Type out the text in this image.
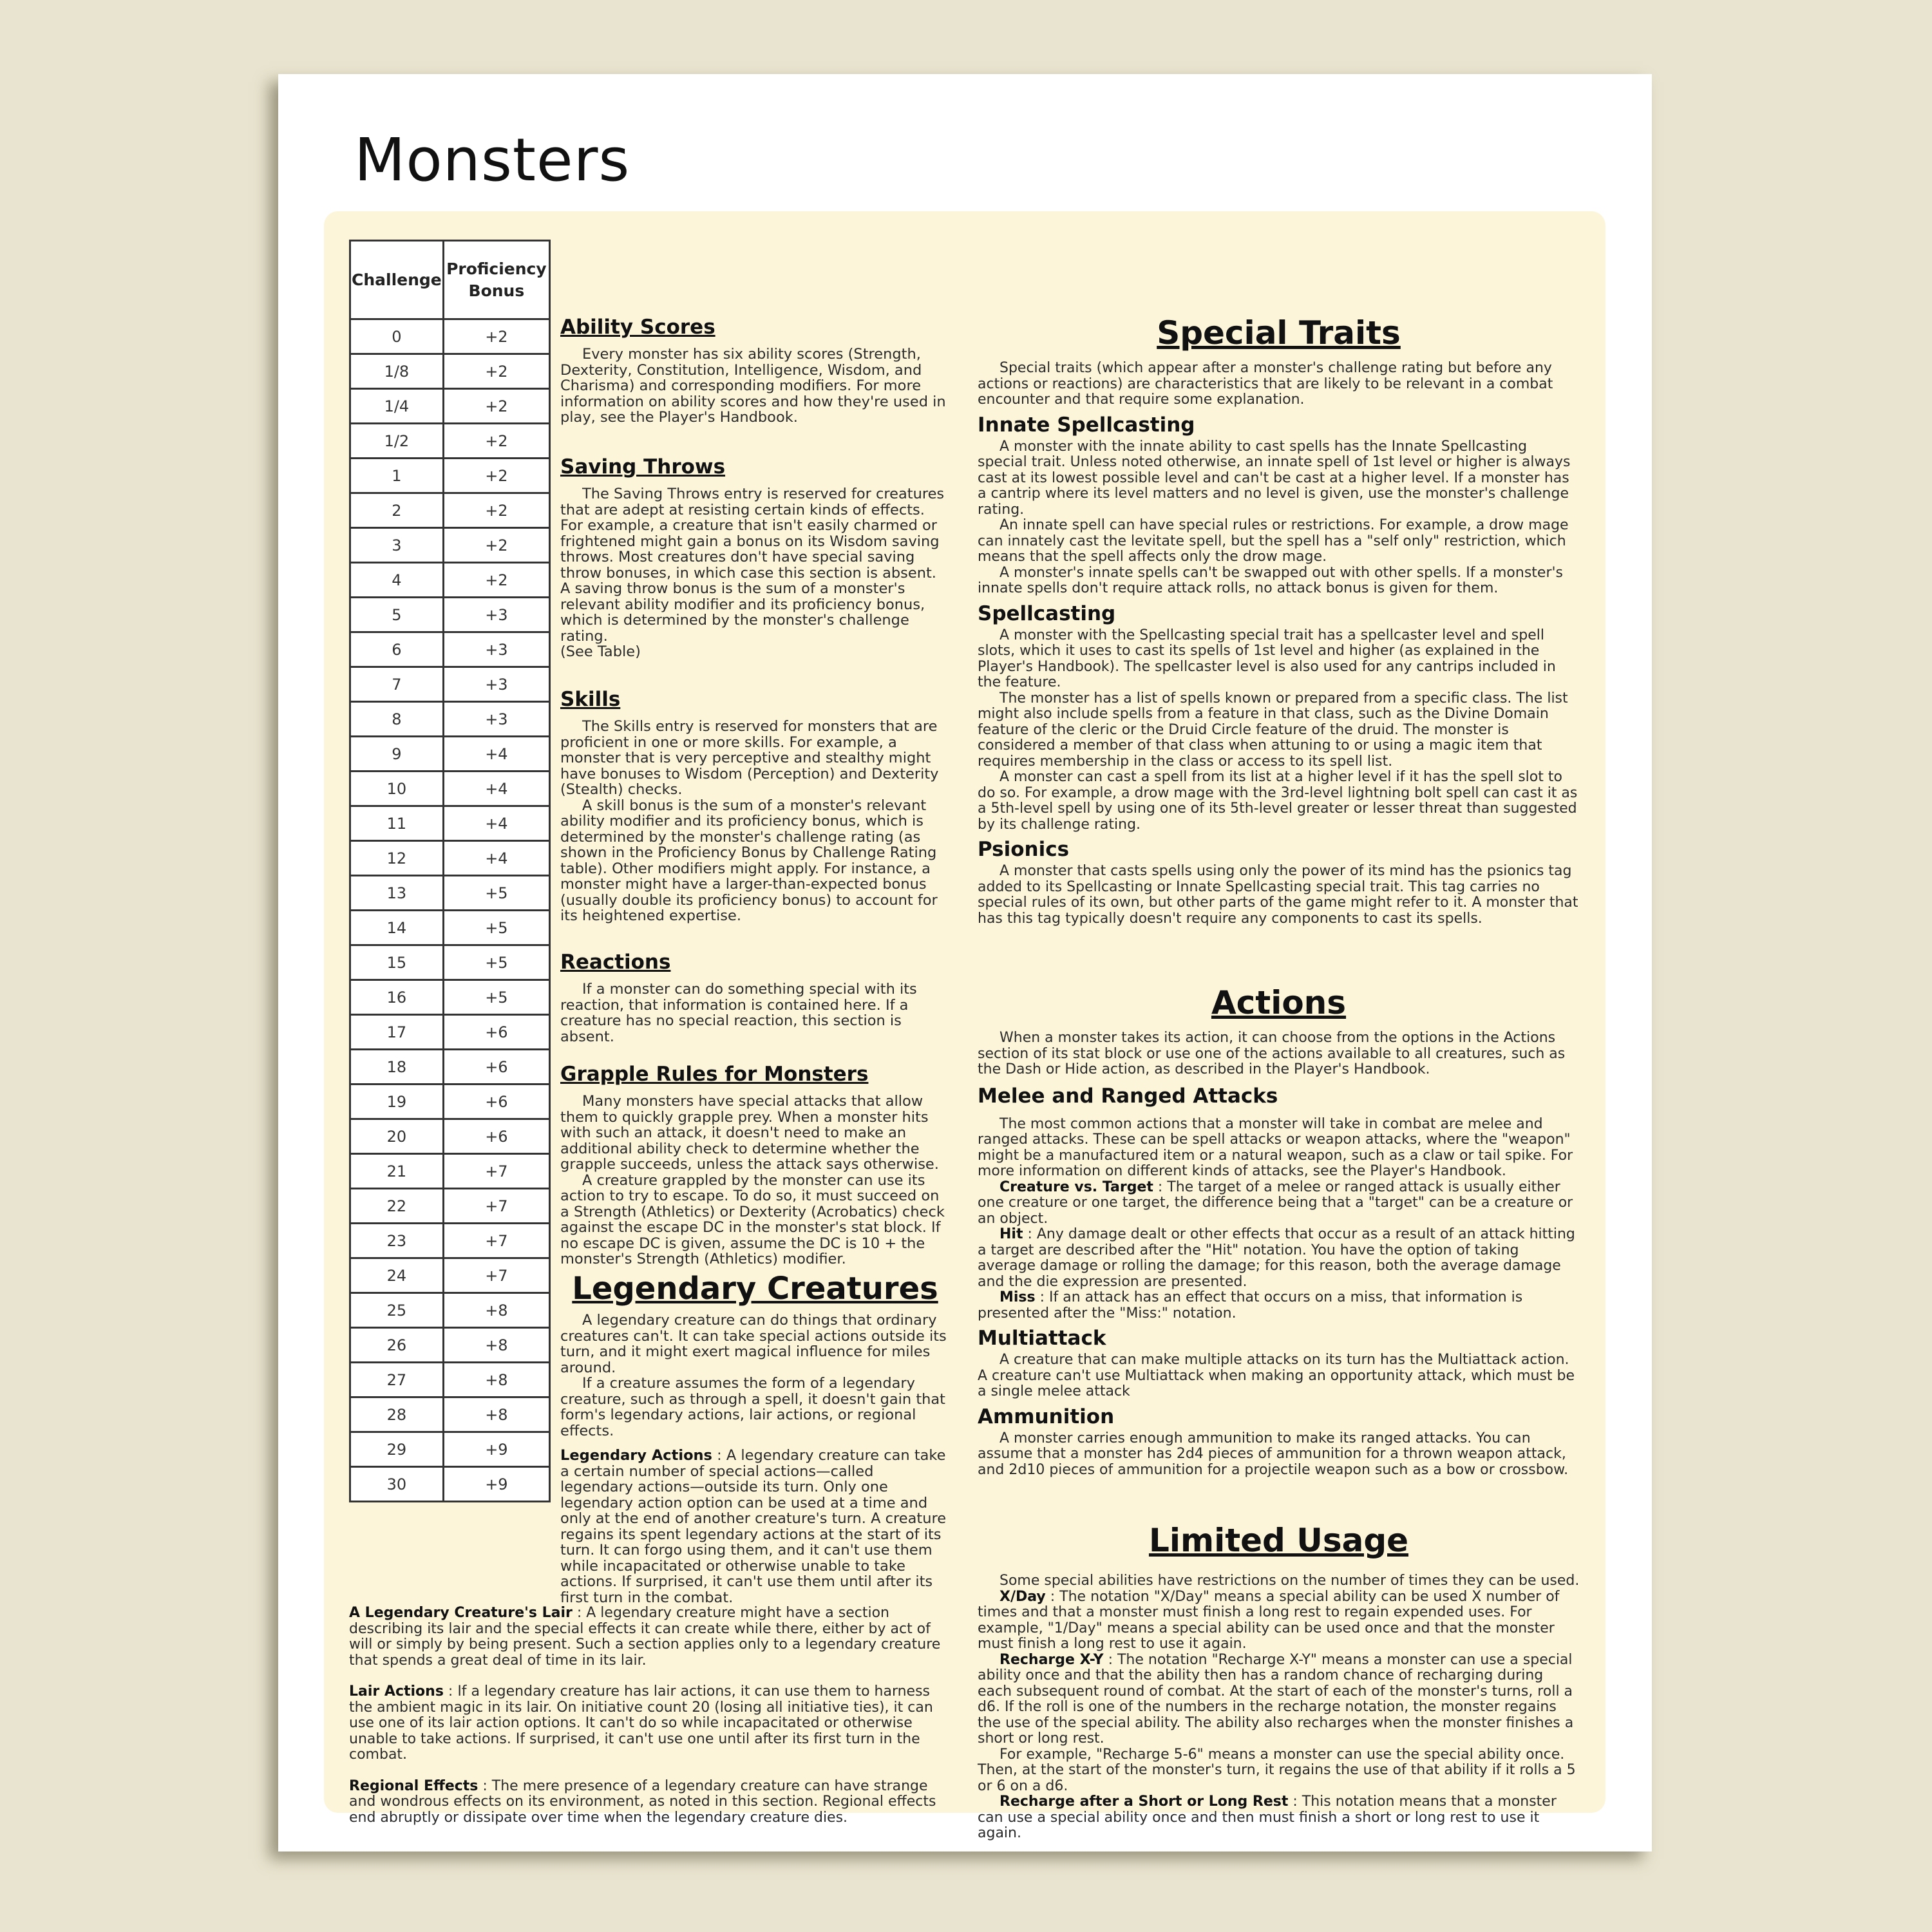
Monsters
Challenge	Proficiency Bonus
0	+2
1/8	+2
1/4	+2
1/2	+2
1	+2
2	+2
3	+2
4	+2
5	+3
6	+3
7	+3
8	+3
9	+4
10	+4
11	+4
12	+4
13	+5
14	+5
15	+5
16	+5
17	+6
18	+6
19	+6
20	+6
21	+7
22	+7
23	+7
24	+7
25	+8
26	+8
27	+8
28	+8
29	+9
30	+9
Ability Scores

Every monster has six ability scores (Strength, Dexterity, Constitution, Intelligence, Wisdom, and Charisma) and corresponding modifiers. For more information on ability scores and how they're used in play, see the Player's Handbook.

Saving Throws

The Saving Throws entry is reserved for creatures that are adept at resisting certain kinds of effects. For example, a creature that isn't easily charmed or frightened might gain a bonus on its Wisdom saving throws. Most creatures don't have special saving throw bonuses, in which case this section is absent.

A saving throw bonus is the sum of a monster's relevant ability modifier and its proficiency bonus, which is determined by the monster's challenge rating.

(See Table)

Skills

The Skills entry is reserved for monsters that are proficient in one or more skills. For example, a monster that is very perceptive and stealthy might have bonuses to Wisdom (Perception) and Dexterity (Stealth) checks.

A skill bonus is the sum of a monster's relevant ability modifier and its proficiency bonus, which is determined by the monster's challenge rating (as shown in the Proficiency Bonus by Challenge Rating table). Other modifiers might apply. For instance, a monster might have a larger-than-expected bonus (usually double its proficiency bonus) to account for its heightened expertise.

Reactions

If a monster can do something special with its reaction, that information is contained here. If a creature has no special reaction, this section is absent.

Grapple Rules for Monsters

Many monsters have special attacks that allow them to quickly grapple prey. When a monster hits with such an attack, it doesn't need to make an additional ability check to determine whether the grapple succeeds, unless the attack says otherwise.

A creature grappled by the monster can use its action to try to escape. To do so, it must succeed on a Strength (Athletics) or Dexterity (Acrobatics) check against the escape DC in the monster's stat block. If no escape DC is given, assume the DC is 10 + the monster's Strength (Athletics) modifier.

Legendary Creatures

A legendary creature can do things that ordinary creatures can't. It can take special actions outside its turn, and it might exert magical influence for miles around.

If a creature assumes the form of a legendary creature, such as through a spell, it doesn't gain that form's legendary actions, lair actions, or regional effects.

Legendary Actions : A legendary creature can take a certain number of special actions—called legendary actions—outside its turn. Only one legendary action option can be used at a time and only at the end of another creature's turn. A creature regains its spent legendary actions at the start of its turn. It can forgo using them, and it can't use them while incapacitated or otherwise unable to take actions. If surprised, it can't use them until after its first turn in the combat.

A Legendary Creature's Lair : A legendary creature might have a section describing its lair and the special effects it can create while there, either by act of will or simply by being present. Such a section applies only to a legendary creature that spends a great deal of time in its lair.

Lair Actions : If a legendary creature has lair actions, it can use them to harness the ambient magic in its lair. On initiative count 20 (losing all initiative ties), it can use one of its lair action options. It can't do so while incapacitated or otherwise unable to take actions. If surprised, it can't use one until after its first turn in the combat.

Regional Effects : The mere presence of a legendary creature can have strange and wondrous effects on its environment, as noted in this section. Regional effects end abruptly or dissipate over time when the legendary creature dies.

Special Traits

Special traits (which appear after a monster's challenge rating but before any actions or reactions) are characteristics that are likely to be relevant in a combat encounter and that require some explanation.

Innate Spellcasting

A monster with the innate ability to cast spells has the Innate Spellcasting special trait. Unless noted otherwise, an innate spell of 1st level or higher is always cast at its lowest possible level and can't be cast at a higher level. If a monster has a cantrip where its level matters and no level is given, use the monster's challenge rating.

An innate spell can have special rules or restrictions. For example, a drow mage can innately cast the levitate spell, but the spell has a "self only" restriction, which means that the spell affects only the drow mage.

A monster's innate spells can't be swapped out with other spells. If a monster's innate spells don't require attack rolls, no attack bonus is given for them.

Spellcasting

A monster with the Spellcasting special trait has a spellcaster level and spell slots, which it uses to cast its spells of 1st level and higher (as explained in the Player's Handbook). The spellcaster level is also used for any cantrips included in the feature.

The monster has a list of spells known or prepared from a specific class. The list might also include spells from a feature in that class, such as the Divine Domain feature of the cleric or the Druid Circle feature of the druid. The monster is considered a member of that class when attuning to or using a magic item that requires membership in the class or access to its spell list.

A monster can cast a spell from its list at a higher level if it has the spell slot to do so. For example, a drow mage with the 3rd-level lightning bolt spell can cast it as a 5th-level spell by using one of its 5th-level greater or lesser threat than suggested by its challenge rating.

Psionics

A monster that casts spells using only the power of its mind has the psionics tag added to its Spellcasting or Innate Spellcasting special trait. This tag carries no special rules of its own, but other parts of the game might refer to it. A monster that has this tag typically doesn't require any components to cast its spells.

Actions

When a monster takes its action, it can choose from the options in the Actions section of its stat block or use one of the actions available to all creatures, such as the Dash or Hide action, as described in the Player's Handbook.

Melee and Ranged Attacks

The most common actions that a monster will take in combat are melee and ranged attacks. These can be spell attacks or weapon attacks, where the "weapon" might be a manufactured item or a natural weapon, such as a claw or tail spike. For more information on different kinds of attacks, see the Player's Handbook.

Creature vs. Target : The target of a melee or ranged attack is usually either one creature or one target, the difference being that a "target" can be a creature or an object.

Hit : Any damage dealt or other effects that occur as a result of an attack hitting a target are described after the "Hit" notation. You have the option of taking average damage or rolling the damage; for this reason, both the average damage and the die expression are presented.

Miss : If an attack has an effect that occurs on a miss, that information is presented after the "Miss:" notation.

Multiattack

A creature that can make multiple attacks on its turn has the Multiattack action. A creature can't use Multiattack when making an opportunity attack, which must be a single melee attack

Ammunition

A monster carries enough ammunition to make its ranged attacks. You can assume that a monster has 2d4 pieces of ammunition for a thrown weapon attack, and 2d10 pieces of ammunition for a projectile weapon such as a bow or crossbow.

Limited Usage

Some special abilities have restrictions on the number of times they can be used.

X/Day : The notation "X/Day" means a special ability can be used X number of times and that a monster must finish a long rest to regain expended uses. For example, "1/Day" means a special ability can be used once and that the monster must finish a long rest to use it again.

Recharge X-Y : The notation "Recharge X-Y" means a monster can use a special ability once and that the ability then has a random chance of recharging during each subsequent round of combat. At the start of each of the monster's turns, roll a d6. If the roll is one of the numbers in the recharge notation, the monster regains the use of the special ability. The ability also recharges when the monster finishes a short or long rest.

For example, "Recharge 5-6" means a monster can use the special ability once. Then, at the start of the monster's turn, it regains the use of that ability if it rolls a 5 or 6 on a d6.

Recharge after a Short or Long Rest : This notation means that a monster can use a special ability once and then must finish a short or long rest to use it again.
